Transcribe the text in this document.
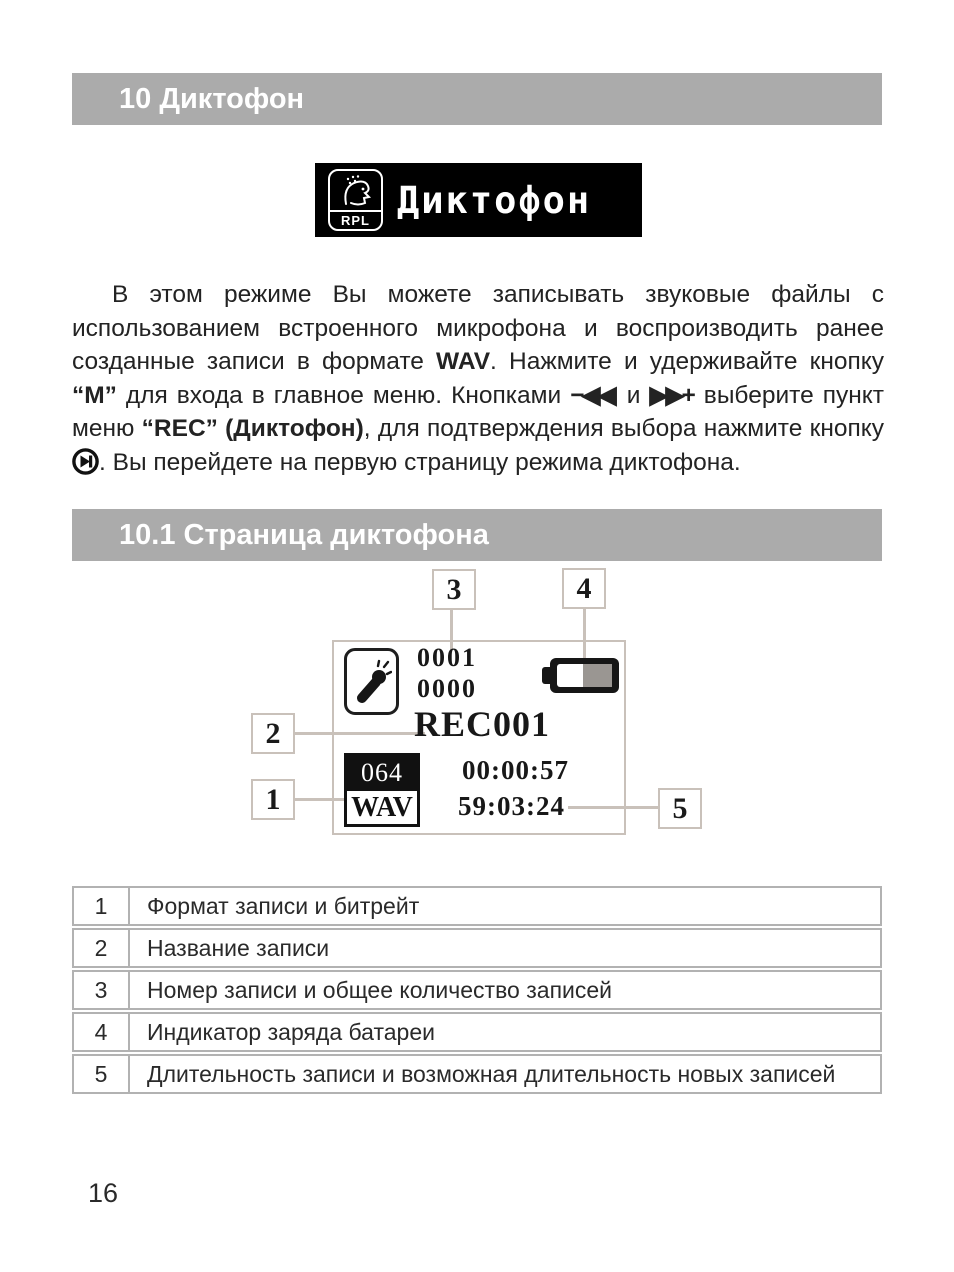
10 Диктофон
RPL Диктофон

В этом режиме Вы можете записывать звуковые файлы с использованием встроенного микрофона и воспроизводить ранее созданные записи в формате WAV. Нажмите и удерживайте кнопку “М” для входа в главное меню. Кнопками −◀◀ и ▶▶+ выберите пункт меню “REC” (Диктофон), для подтверждения выбора нажмите кнопку . Вы перейдете на первую страницу режима диктофона.

10.1 Страница диктофона
0001
0000
REC001
064
WAV
00:00:57
59:03:24
3	4
2
1	5
1	Формат записи и битрейт
2	Название записи
3	Номер записи и общее количество записей
4	Индикатор заряда батареи
5	Длительность записи и возможная длительность новых записей
16
